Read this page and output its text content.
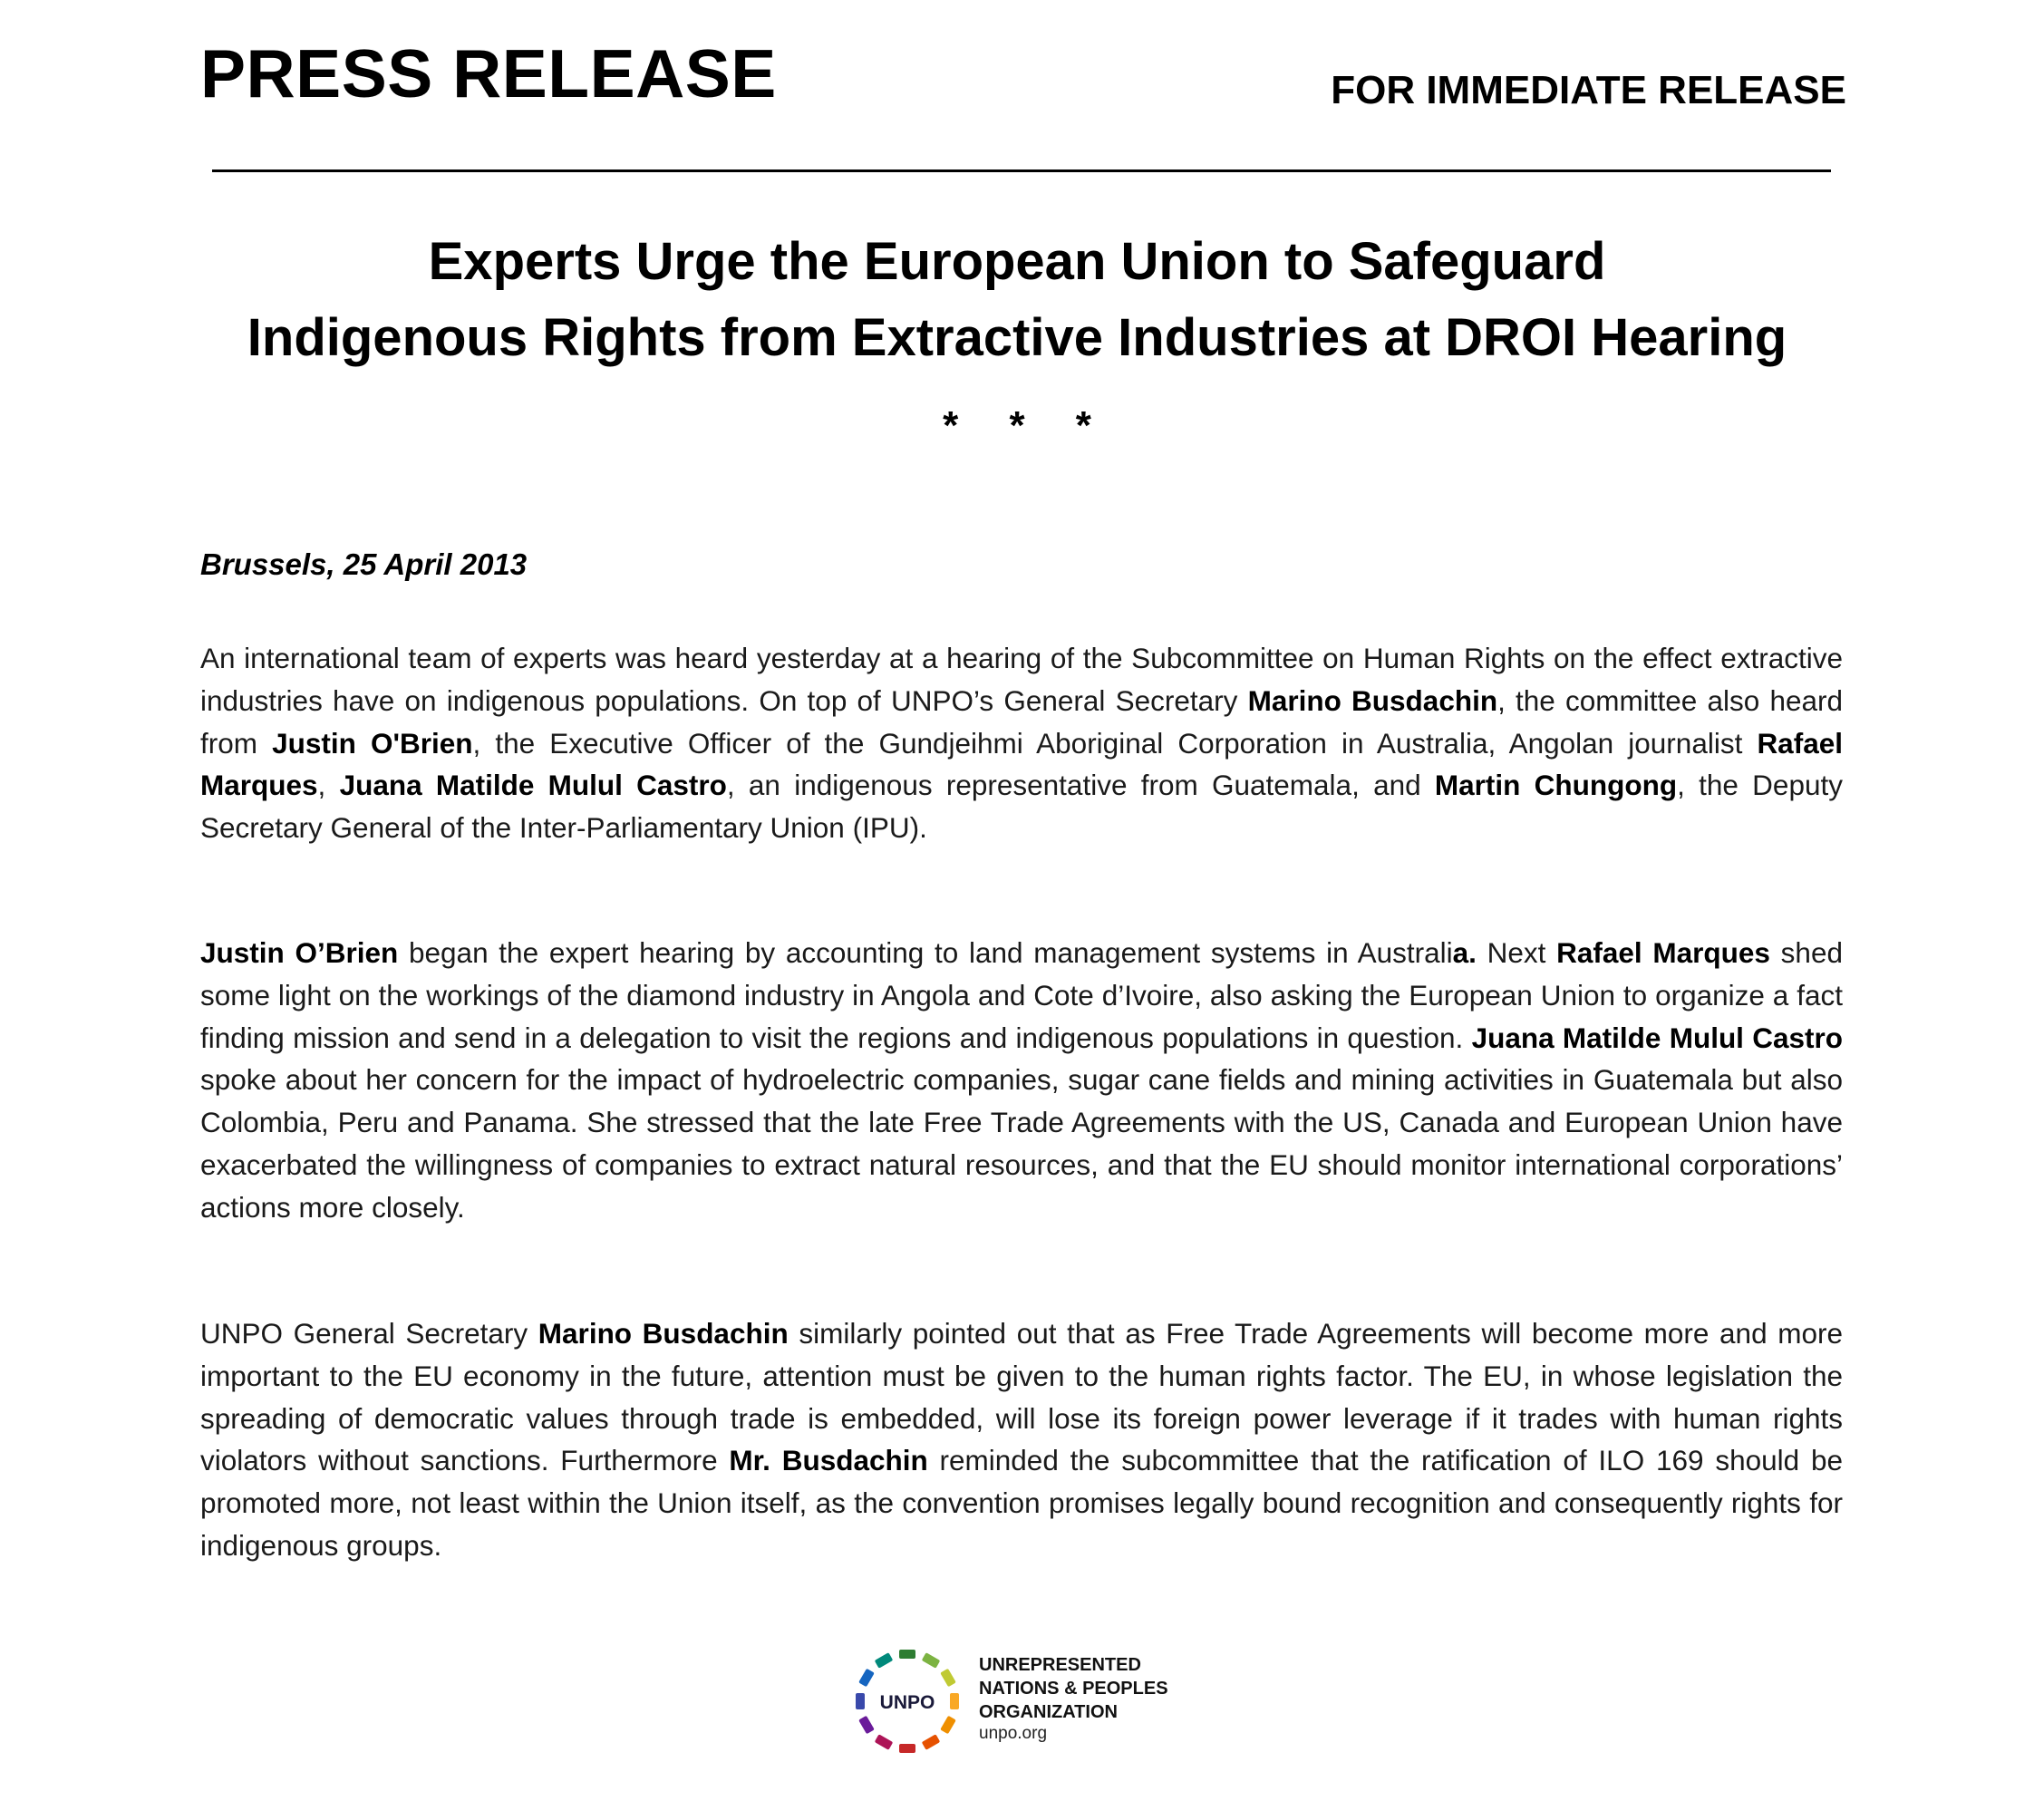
PRESS RELEASE	FOR IMMEDIATE RELEASE
Experts Urge the European Union to Safeguard
Indigenous Rights from Extractive Industries at DROI Hearing
* * *
Brussels, 25 April 2013

An international team of experts was heard yesterday at a hearing of the Subcommittee on Human Rights on the effect extractive industries have on indigenous populations. On top of UNPO’s General Secretary Marino Busdachin, the committee also heard from Justin O'Brien, the Executive Officer of the Gundjeihmi Aboriginal Corporation in Australia, Angolan journalist Rafael Marques, Juana Matilde Mulul Castro, an indigenous representative from Guatemala, and Martin Chungong, the Deputy Secretary General of the Inter-Parliamentary Union (IPU).

Justin O’Brien began the expert hearing by accounting to land management systems in Australia. Next Rafael Marques shed some light on the workings of the diamond industry in Angola and Cote d’Ivoire, also asking the European Union to organize a fact finding mission and send in a delegation to visit the regions and indigenous populations in question. Juana Matilde Mulul Castro spoke about her concern for the impact of hydroelectric companies, sugar cane fields and mining activities in Guatemala but also Colombia, Peru and Panama. She stressed that the late Free Trade Agreements with the US, Canada and European Union have exacerbated the willingness of companies to extract natural resources, and that the EU should monitor international corporations’ actions more closely.

UNPO General Secretary Marino Busdachin similarly pointed out that as Free Trade Agreements will become more and more important to the EU economy in the future, attention must be given to the human rights factor. The EU, in whose legislation the spreading of democratic values through trade is embedded, will lose its foreign power leverage if it trades with human rights violators without sanctions. Furthermore Mr. Busdachin reminded the subcommittee that the ratification of ILO 169 should be promoted more, not least within the Union itself, as the convention promises legally bound recognition and consequently rights for indigenous groups.

UNPO
UNREPRESENTED
NATIONS & PEOPLES
ORGANIZATION
unpo.org
